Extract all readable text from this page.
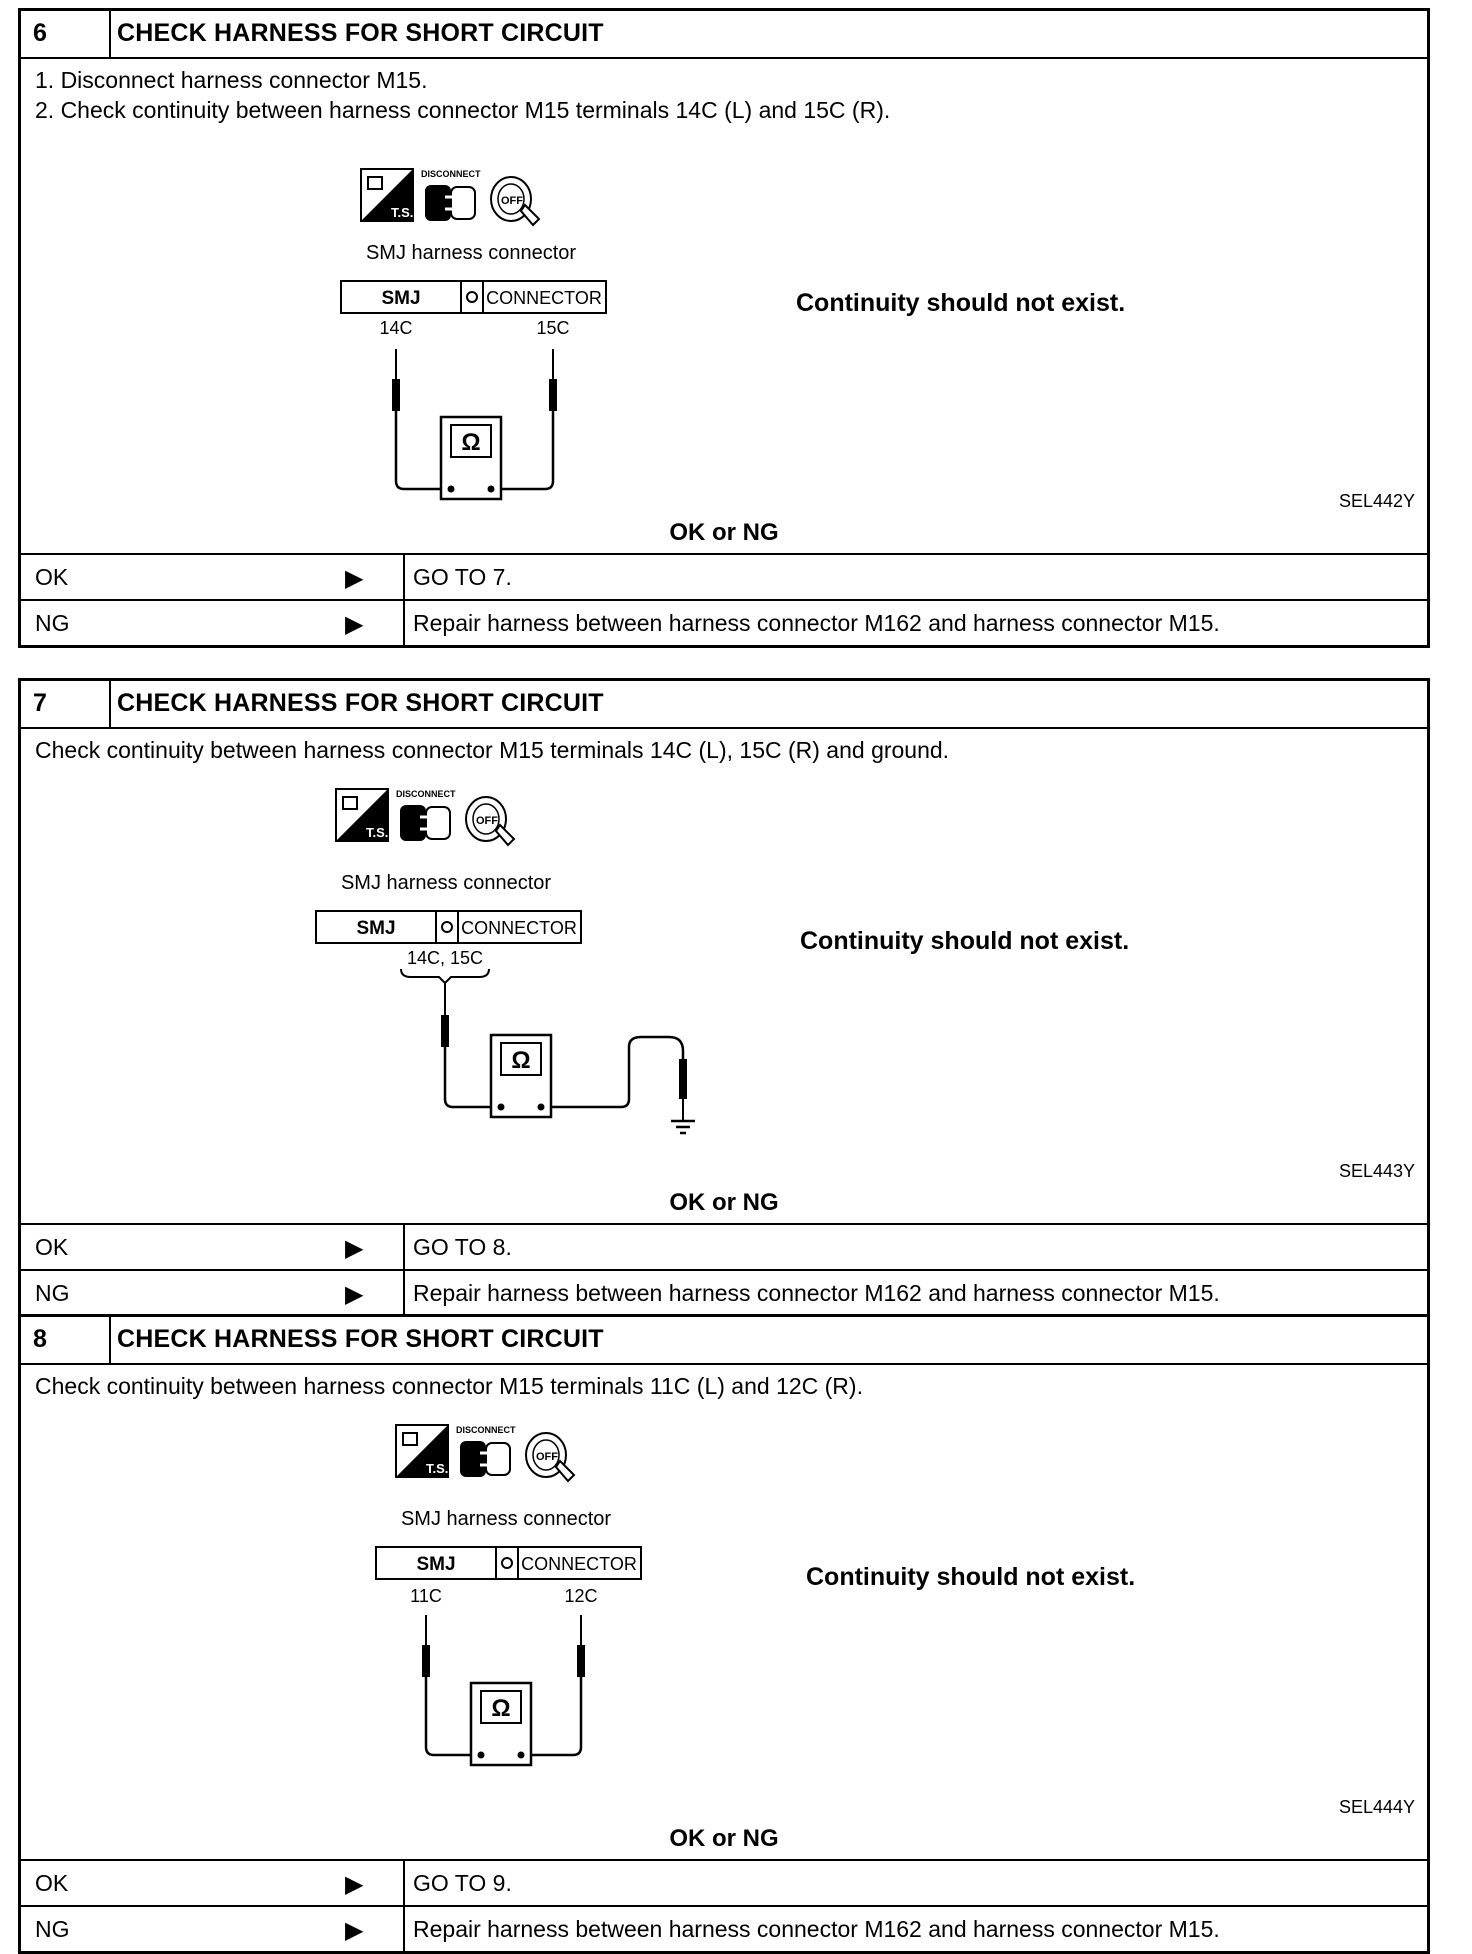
6	CHECK HARNESS FOR SHORT CIRCUIT
1. Disconnect harness connector M15.
2. Check continuity between harness connector M15 terminals 14C (L) and 15C (R).
T.S.
DISCONNECT
OFF
SMJ harness connector
SMJ	CONNECTOR
14C	15C
Ω
Continuity should not exist.
SEL442Y
OK or NG
OK	▶ GO TO 7.
NG	▶ Repair harness between harness connector M162 and harness connector M15.
7	CHECK HARNESS FOR SHORT CIRCUIT
Check continuity between harness connector M15 terminals 14C (L), 15C (R) and ground.
T.S.
DISCONNECT
OFF
SMJ harness connector
SMJ	CONNECTOR
14C, 15C
Ω
Continuity should not exist.
SEL443Y
OK or NG
OK	▶ GO TO 8.
NG	▶ Repair harness between harness connector M162 and harness connector M15.
8	CHECK HARNESS FOR SHORT CIRCUIT
Check continuity between harness connector M15 terminals 11C (L) and 12C (R).
T.S.
DISCONNECT
OFF
SMJ harness connector
SMJ	CONNECTOR
11C	12C
Ω
Continuity should not exist.
SEL444Y
OK or NG
OK	▶ GO TO 9.
NG	▶ Repair harness between harness connector M162 and harness connector M15.
